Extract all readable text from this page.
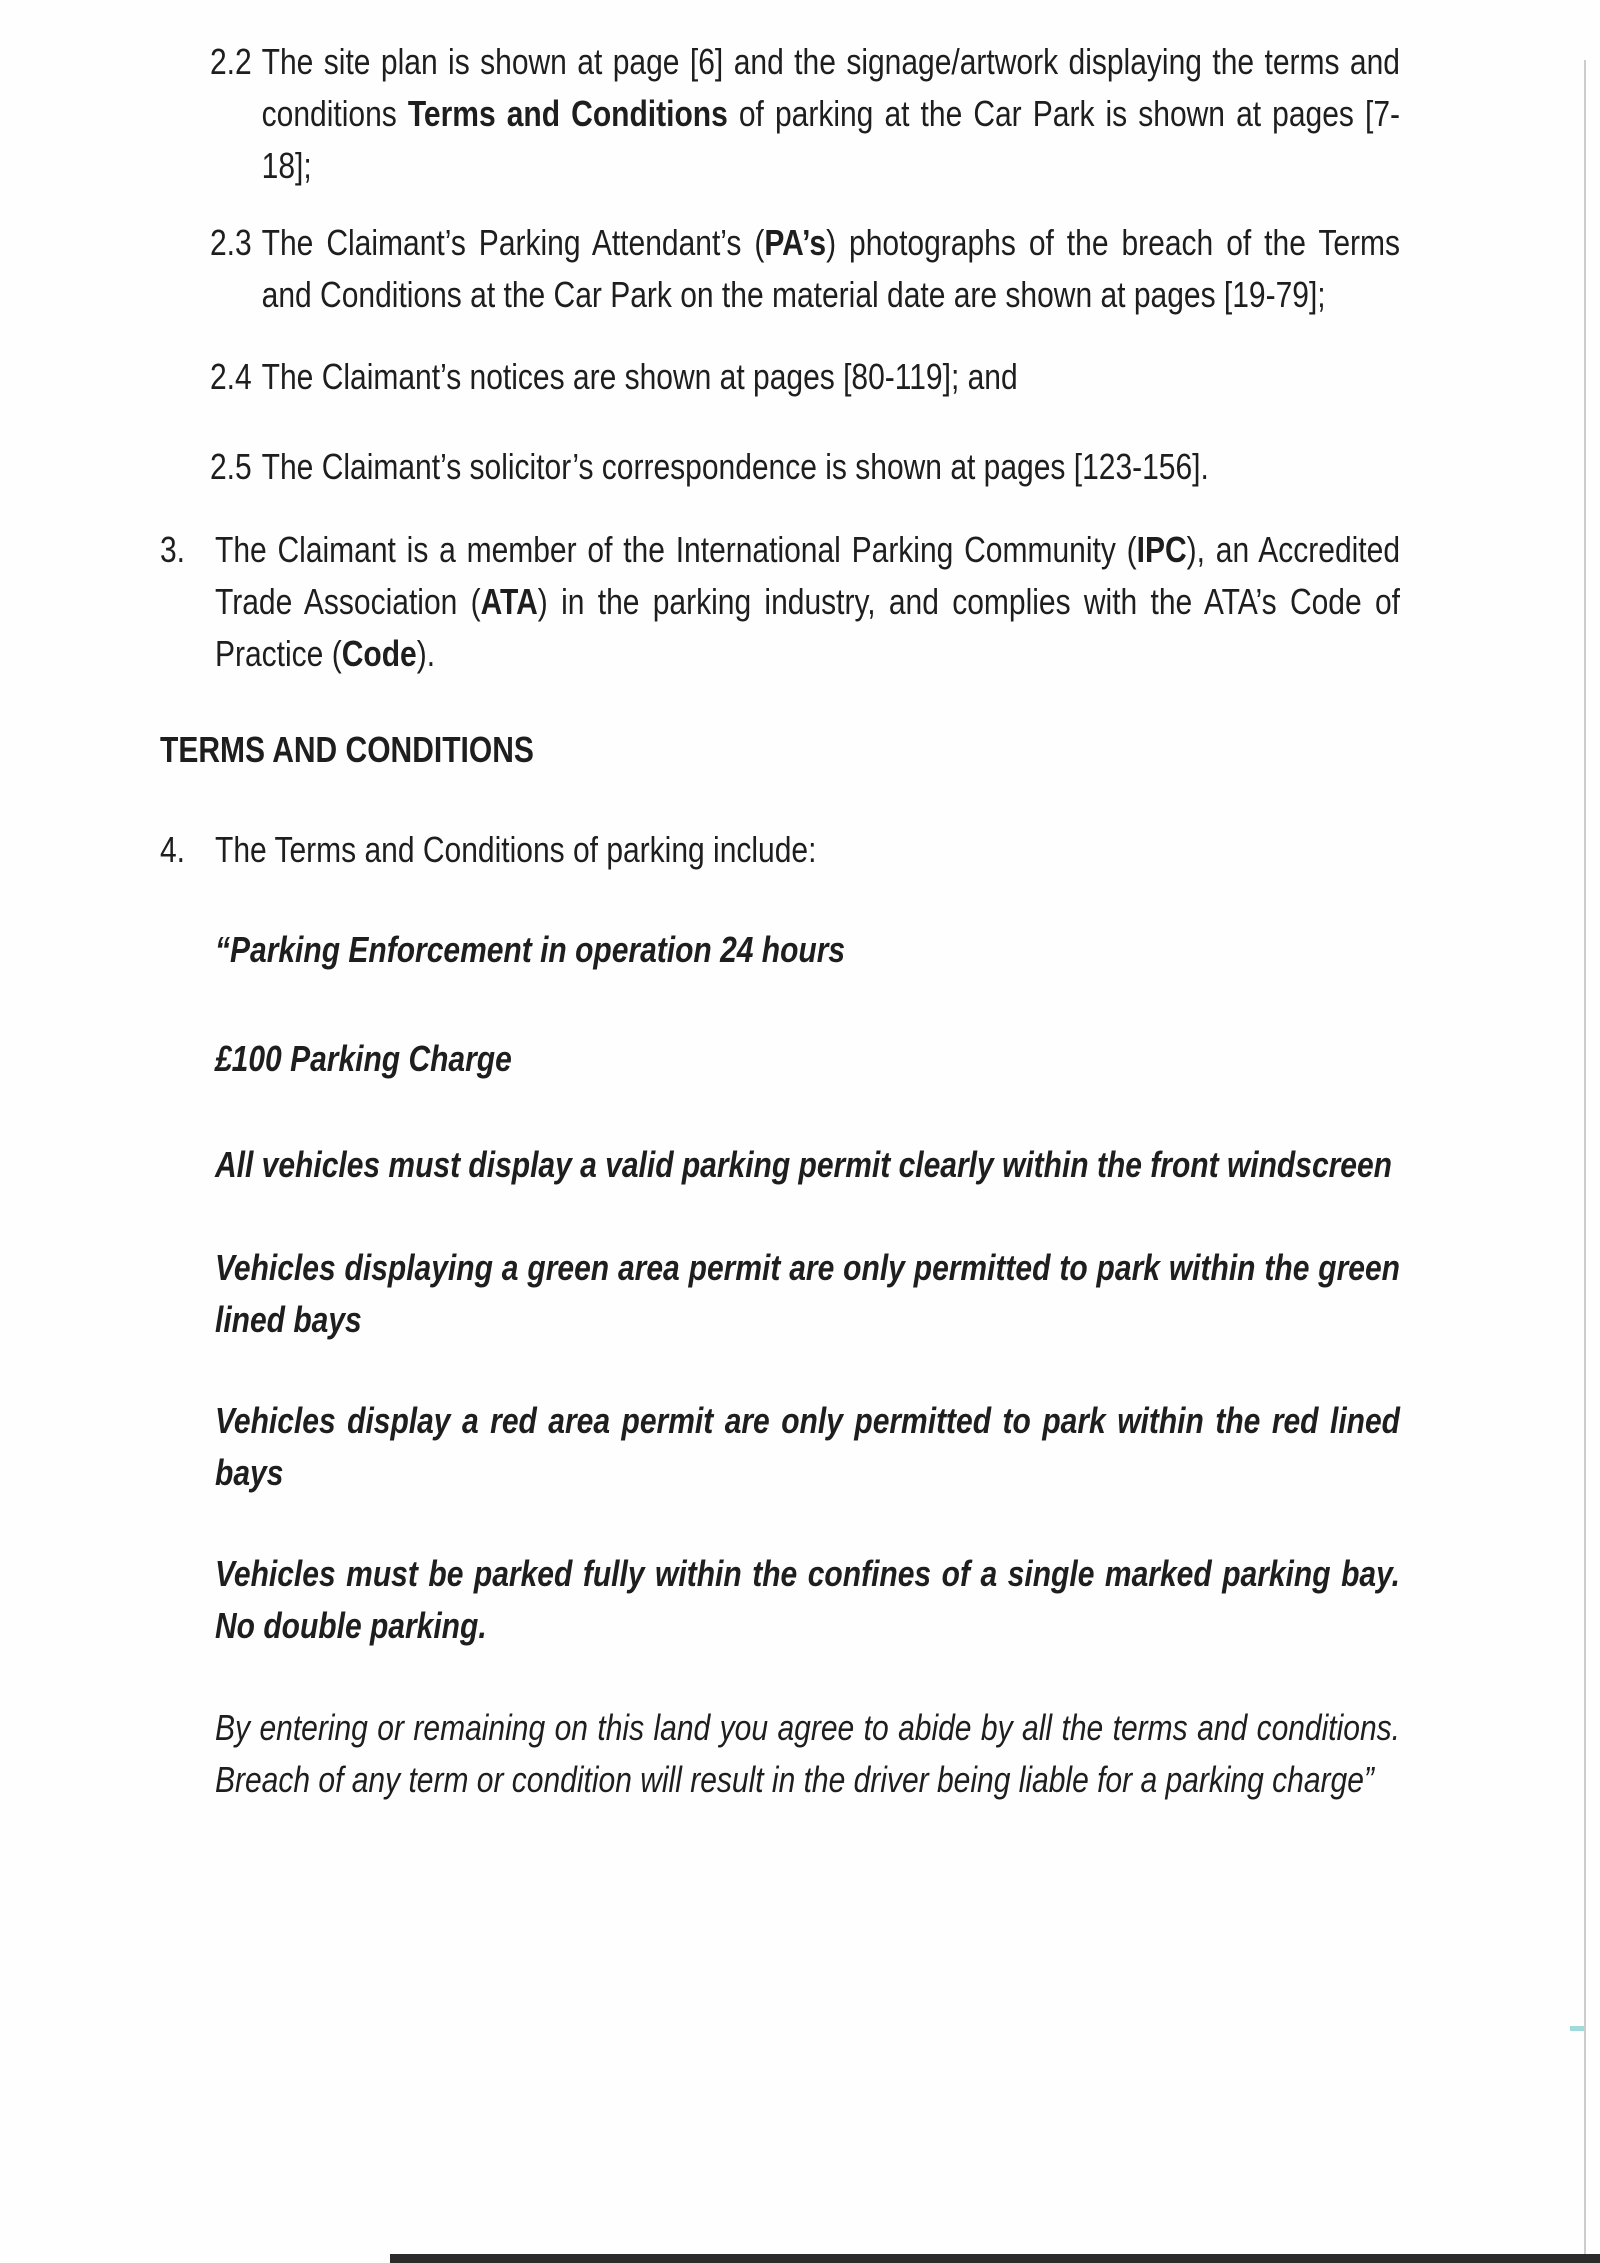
2.2 The site plan is shown at page [6] and the signage/artwork displaying the terms and conditions Terms and Conditions of parking at the Car Park is shown at pages [7-18];
2.3 The Claimant’s Parking Attendant’s (PA’s) photographs of the breach of the Terms and Conditions at the Car Park on the material date are shown at pages [19-79];
2.4 The Claimant’s notices are shown at pages [80-119]; and
2.5 The Claimant’s solicitor’s correspondence is shown at pages [123-156].
3. The Claimant is a member of the International Parking Community (IPC), an Accredited Trade Association (ATA) in the parking industry, and complies with the ATA’s Code of Practice (Code).
TERMS AND CONDITIONS
4. The Terms and Conditions of parking include:
“Parking Enforcement in operation 24 hours
£100 Parking Charge
All vehicles must display a valid parking permit clearly within the front windscreen
Vehicles displaying a green area permit are only permitted to park within the green lined bays
Vehicles display a red area permit are only permitted to park within the red lined bays
Vehicles must be parked fully within the confines of a single marked parking bay. No double parking.
By entering or remaining on this land you agree to abide by all the terms and conditions. Breach of any term or condition will result in the driver being liable for a parking charge”
